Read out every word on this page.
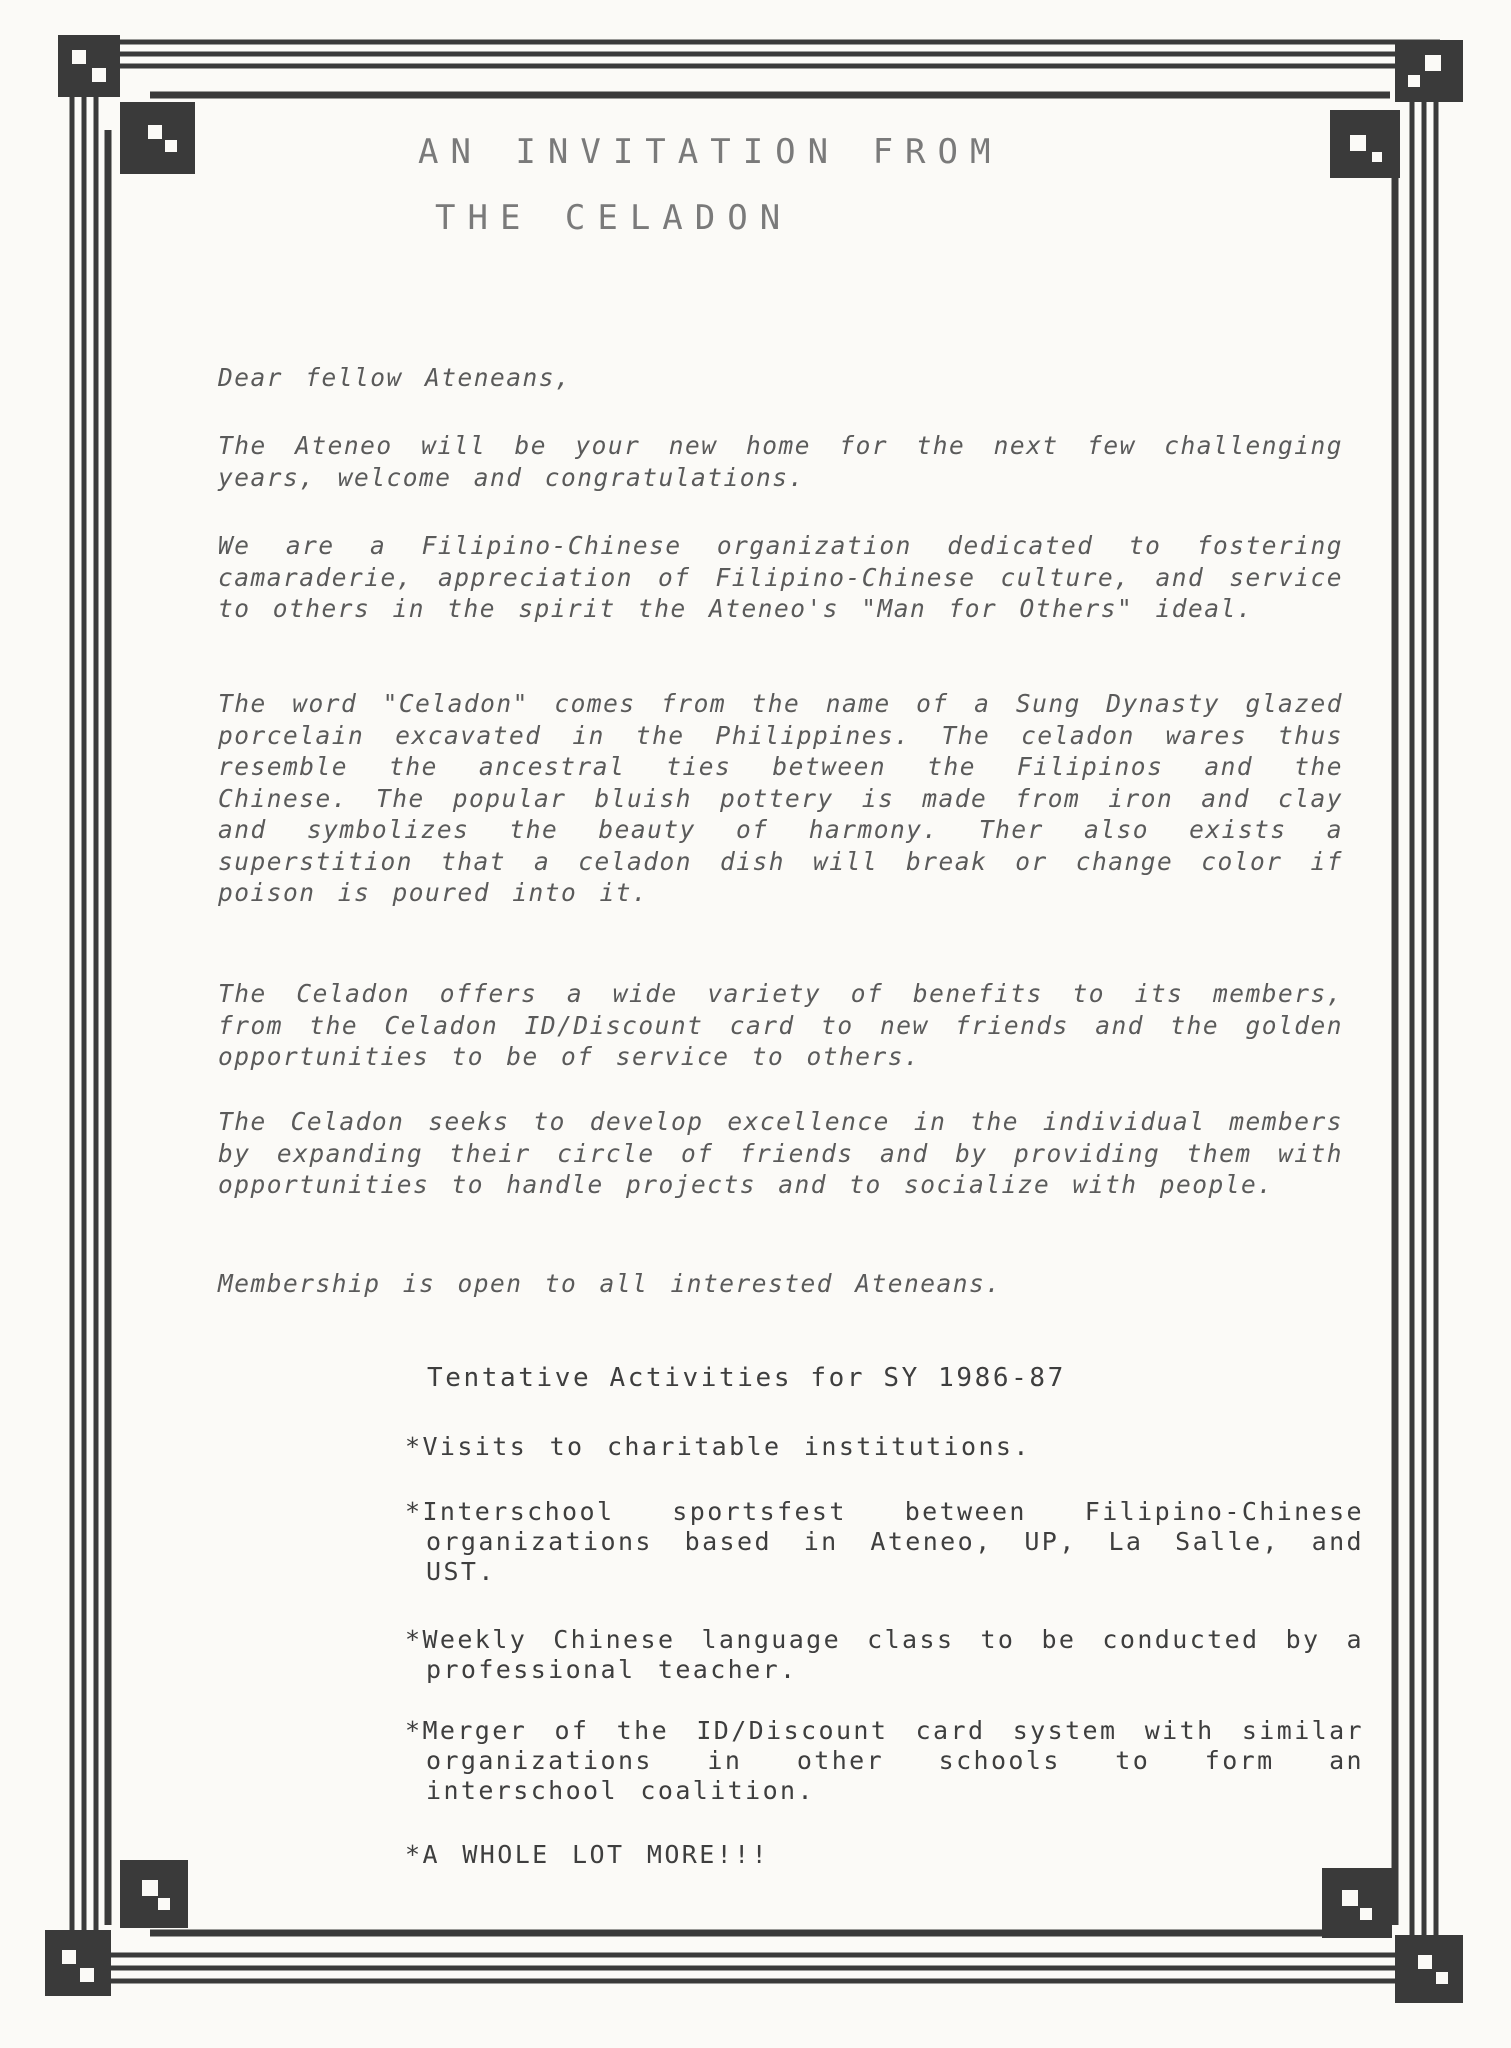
AN INVITATION FROM
THE CELADON

Dear fellow Ateneans,

The Ateneo will be your new home for the next few challenging years, welcome and congratulations.

We are a Filipino-Chinese organization dedicated to fostering camaraderie, appreciation of Filipino-Chinese culture, and service to others in the spirit the Ateneo's "Man for Others" ideal.

The word "Celadon" comes from the name of a Sung Dynasty glazed porcelain excavated in the Philippines. The celadon wares thus resemble the ancestral ties between the Filipinos and the Chinese. The popular bluish pottery is made from iron and clay and symbolizes the beauty of harmony. Ther also exists a superstition that a celadon dish will break or change color if poison is poured into it.

The Celadon offers a wide variety of benefits to its members, from the Celadon ID/Discount card to new friends and the golden opportunities to be of service to others.

The Celadon seeks to develop excellence in the individual members by expanding their circle of friends and by providing them with opportunities to handle projects and to socialize with people.

Membership is open to all interested Ateneans.

Tentative Activities for SY 1986-87

*Visits to charitable institutions.

*Interschool sportsfest between Filipino-Chinese organizations based in Ateneo, UP, La Salle, and UST.

*Weekly Chinese language class to be conducted by a professional teacher.

*Merger of the ID/Discount card system with similar organizations in other schools to form an interschool coalition.

*A WHOLE LOT MORE!!!
